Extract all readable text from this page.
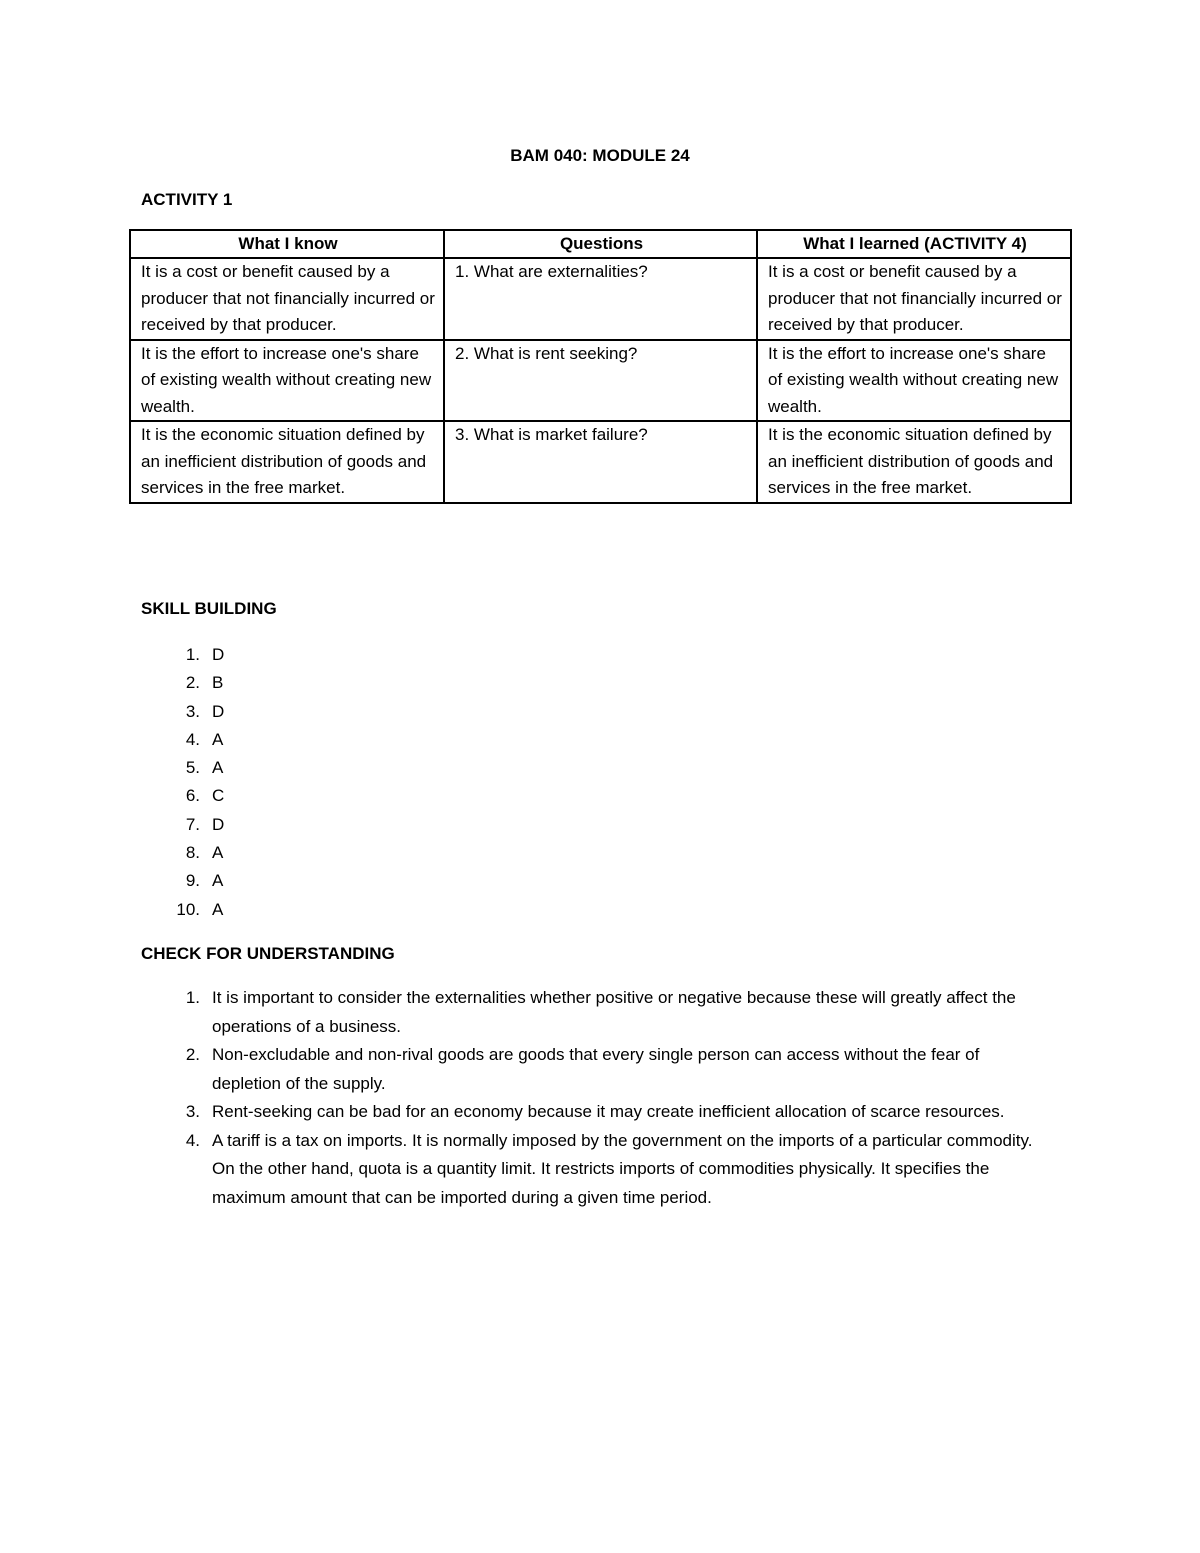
BAM 040: MODULE 24
ACTIVITY 1
What I know	Questions	What I learned (ACTIVITY 4)
It is a cost or benefit caused by a producer that not financially incurred or received by that producer.	1. What are externalities?	It is a cost or benefit caused by a producer that not financially incurred or received by that producer.
It is the effort to increase one's share of existing wealth without creating new wealth.	2. What is rent seeking?	It is the effort to increase one's share of existing wealth without creating new wealth.
It is the economic situation defined by an inefficient distribution of goods and services in the free market.	3. What is market failure?	It is the economic situation defined by an inefficient distribution of goods and services in the free market.
SKILL BUILDING
1. D
2. B
3. D
4. A
5. A
6. C
7. D
8. A
9. A
10. A
CHECK FOR UNDERSTANDING
1. It is important to consider the externalities whether positive or negative because these will greatly affect the operations of a business.
2. Non-excludable and non-rival goods are goods that every single person can access without the fear of depletion of the supply.
3. Rent-seeking can be bad for an economy because it may create inefficient allocation of scarce resources.
4. A tariff is a tax on imports. It is normally imposed by the government on the imports of a particular commodity. On the other hand, quota is a quantity limit. It restricts imports of commodities physically. It specifies the maximum amount that can be imported during a given time period.
